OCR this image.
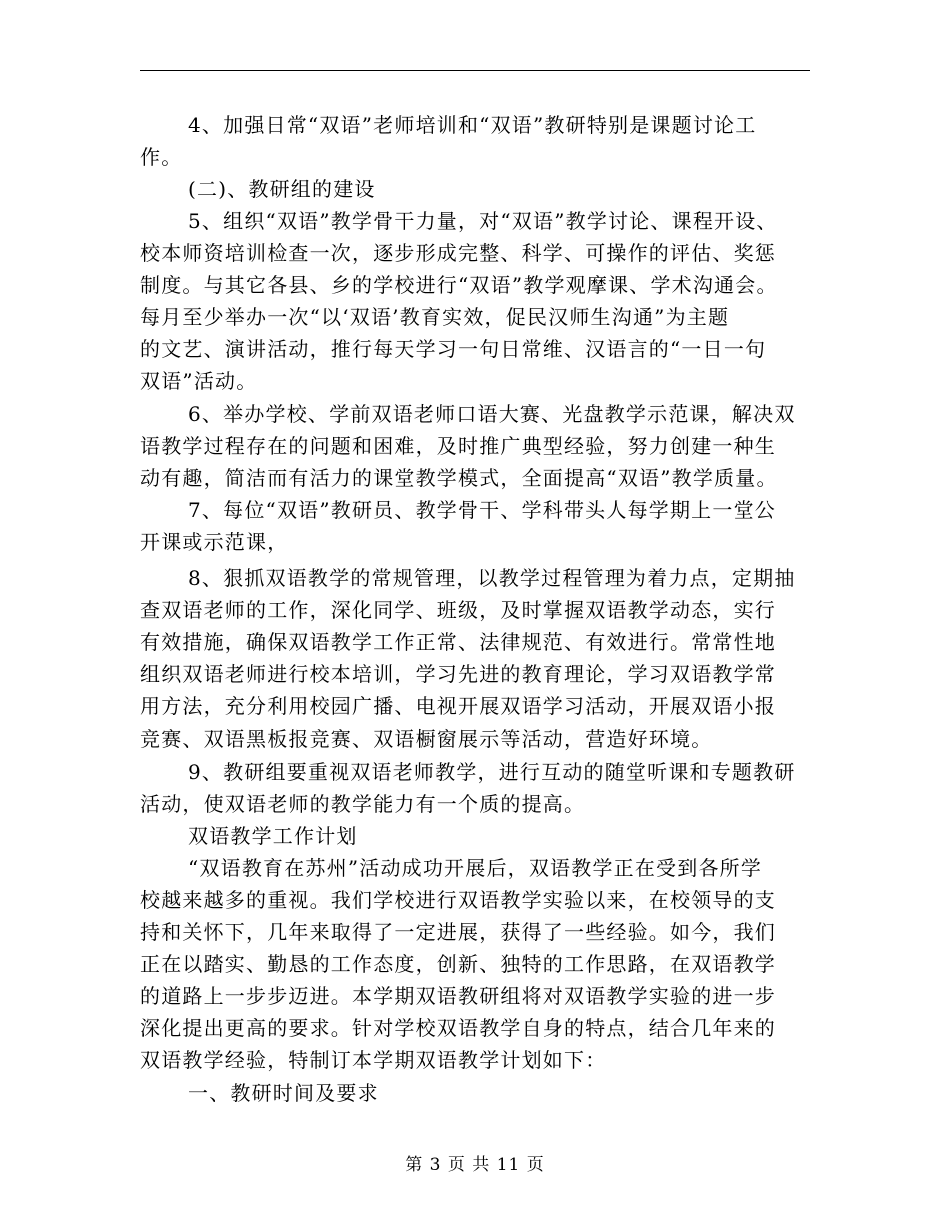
4、加强日常“双语”老师培训和“双语”教研特别是课题讨论工
作。
(二)、教研组的建设
5、组织“双语”教学骨干力量，对“双语”教学讨论、课程开设、
校本师资培训检查一次，逐步形成完整、科学、可操作的评估、奖惩
制度。与其它各县、乡的学校进行“双语”教学观摩课、学术沟通会。
每月至少举办一次“以‘双语’教育实效，促民汉师生沟通”为主题
的文艺、演讲活动，推行每天学习一句日常维、汉语言的“一日一句
双语”活动。
6、举办学校、学前双语老师口语大赛、光盘教学示范课，解决双
语教学过程存在的问题和困难，及时推广典型经验，努力创建一种生
动有趣，简洁而有活力的课堂教学模式，全面提高“双语”教学质量。
7、每位“双语”教研员、教学骨干、学科带头人每学期上一堂公
开课或示范课，
8、狠抓双语教学的常规管理，以教学过程管理为着力点，定期抽
查双语老师的工作，深化同学、班级，及时掌握双语教学动态，实行
有效措施，确保双语教学工作正常、法律规范、有效进行。常常性地
组织双语老师进行校本培训，学习先进的教育理论，学习双语教学常
用方法，充分利用校园广播、电视开展双语学习活动，开展双语小报
竞赛、双语黑板报竞赛、双语橱窗展示等活动，营造好环境。
9、教研组要重视双语老师教学，进行互动的随堂听课和专题教研
活动，使双语老师的教学能力有一个质的提高。
双语教学工作计划
“双语教育在苏州”活动成功开展后，双语教学正在受到各所学
校越来越多的重视。我们学校进行双语教学实验以来，在校领导的支
持和关怀下，几年来取得了一定进展，获得了一些经验。如今，我们
正在以踏实、勤恳的工作态度，创新、独特的工作思路，在双语教学
的道路上一步步迈进。本学期双语教研组将对双语教学实验的进一步
深化提出更高的要求。针对学校双语教学自身的特点，结合几年来的
双语教学经验，特制订本学期双语教学计划如下：
一、教研时间及要求
第 3 页 共 11 页
